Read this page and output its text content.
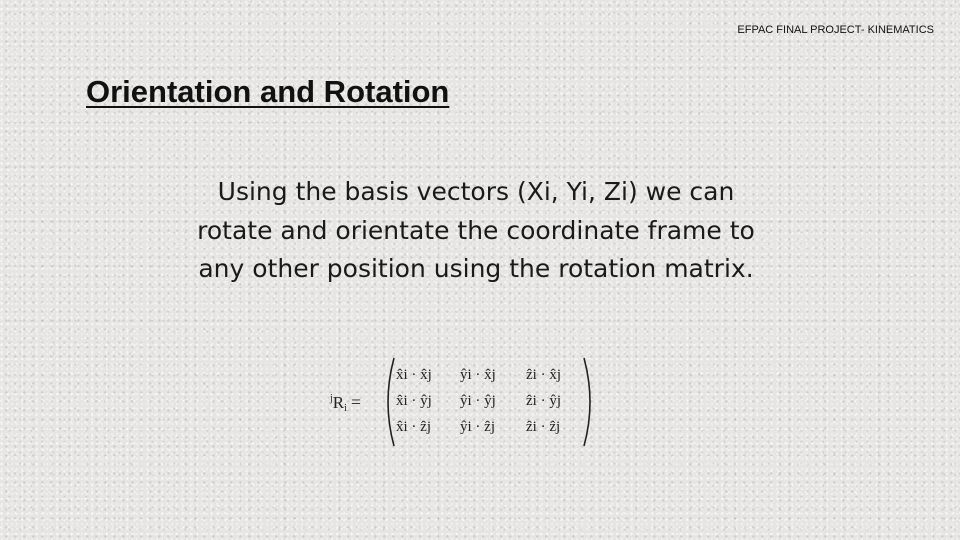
EFPAC FINAL PROJECT- KINEMATICS
Orientation and Rotation

Using the basis vectors (Xi, Yi, Zi) we can rotate and orientate the coordinate frame to any other position using the rotation matrix.

$^jR_i$ =
x̂i · x̂j	ŷi · x̂j	ẑi · x̂j
x̂i · ŷj	ŷi · ŷj	ẑi · ŷj
x̂i · ẑj	ŷi · ẑj	ẑi · ẑj
